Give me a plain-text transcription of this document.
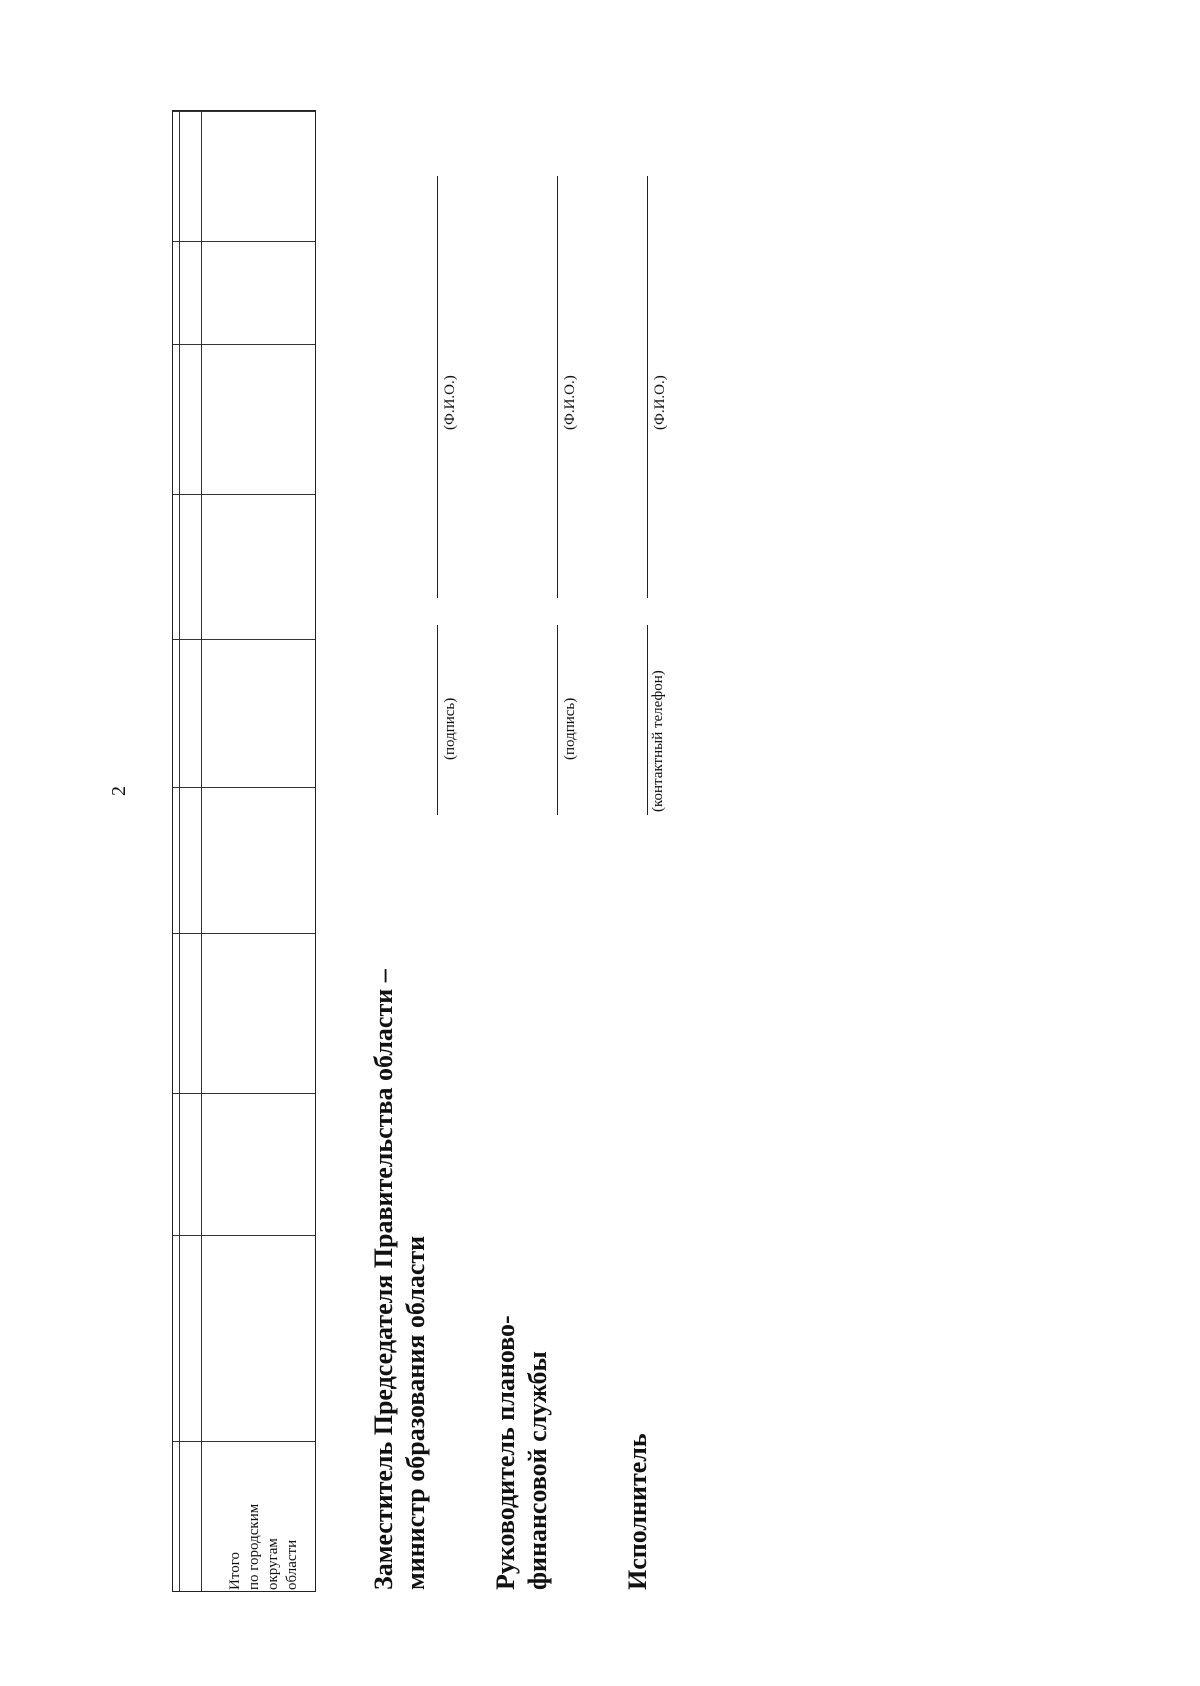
2
Итого по городским округам области	Заместитель Председателя Правительства области – министр образования области
(подпись)
(Ф.И.О.)
Руководитель планово- финансовой службы
(подпись)
(Ф.И.О.)
Исполнитель
(контактный телефон)
(Ф.И.О.)
